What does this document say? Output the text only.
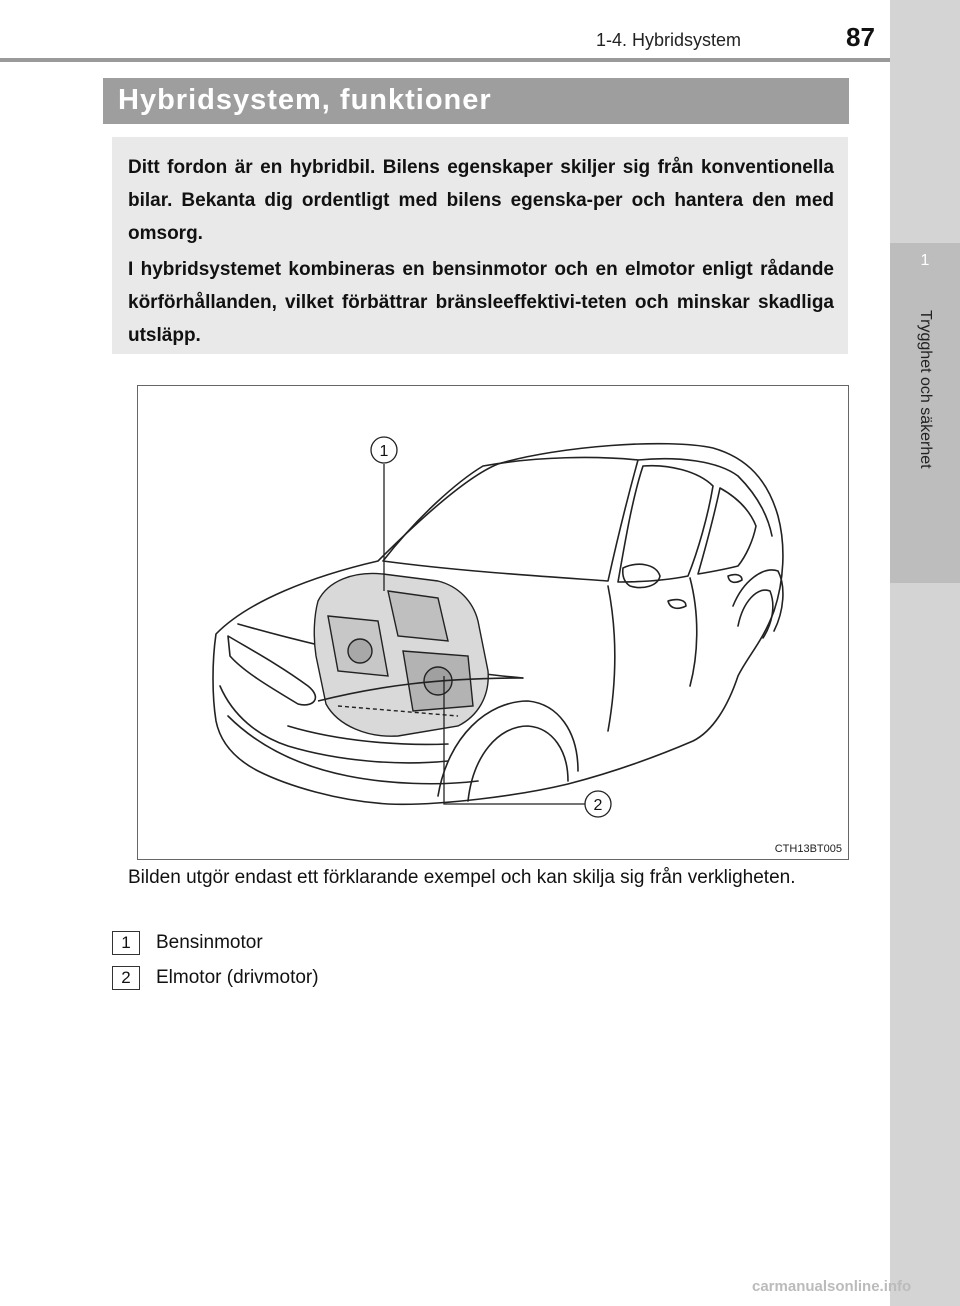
1-4. Hybridsystem	87
1
Trygghet och säkerhet
Hybridsystem, funktioner

Ditt fordon är en hybridbil. Bilens egenskaper skiljer sig från konventionella bilar. Bekanta dig ordentligt med bilens egenska-per och hantera den med omsorg.

I hybridsystemet kombineras en bensinmotor och en elmotor enligt rådande körförhållanden, vilket förbättrar bränsleeffektivi-teten och minskar skadliga utsläpp.

1
2
CTH13BT005

Bilden utgör endast ett förklarande exempel och kan skilja sig från verkligheten.

1	Bensinmotor
2	Elmotor (drivmotor)
carmanualsonline.info
